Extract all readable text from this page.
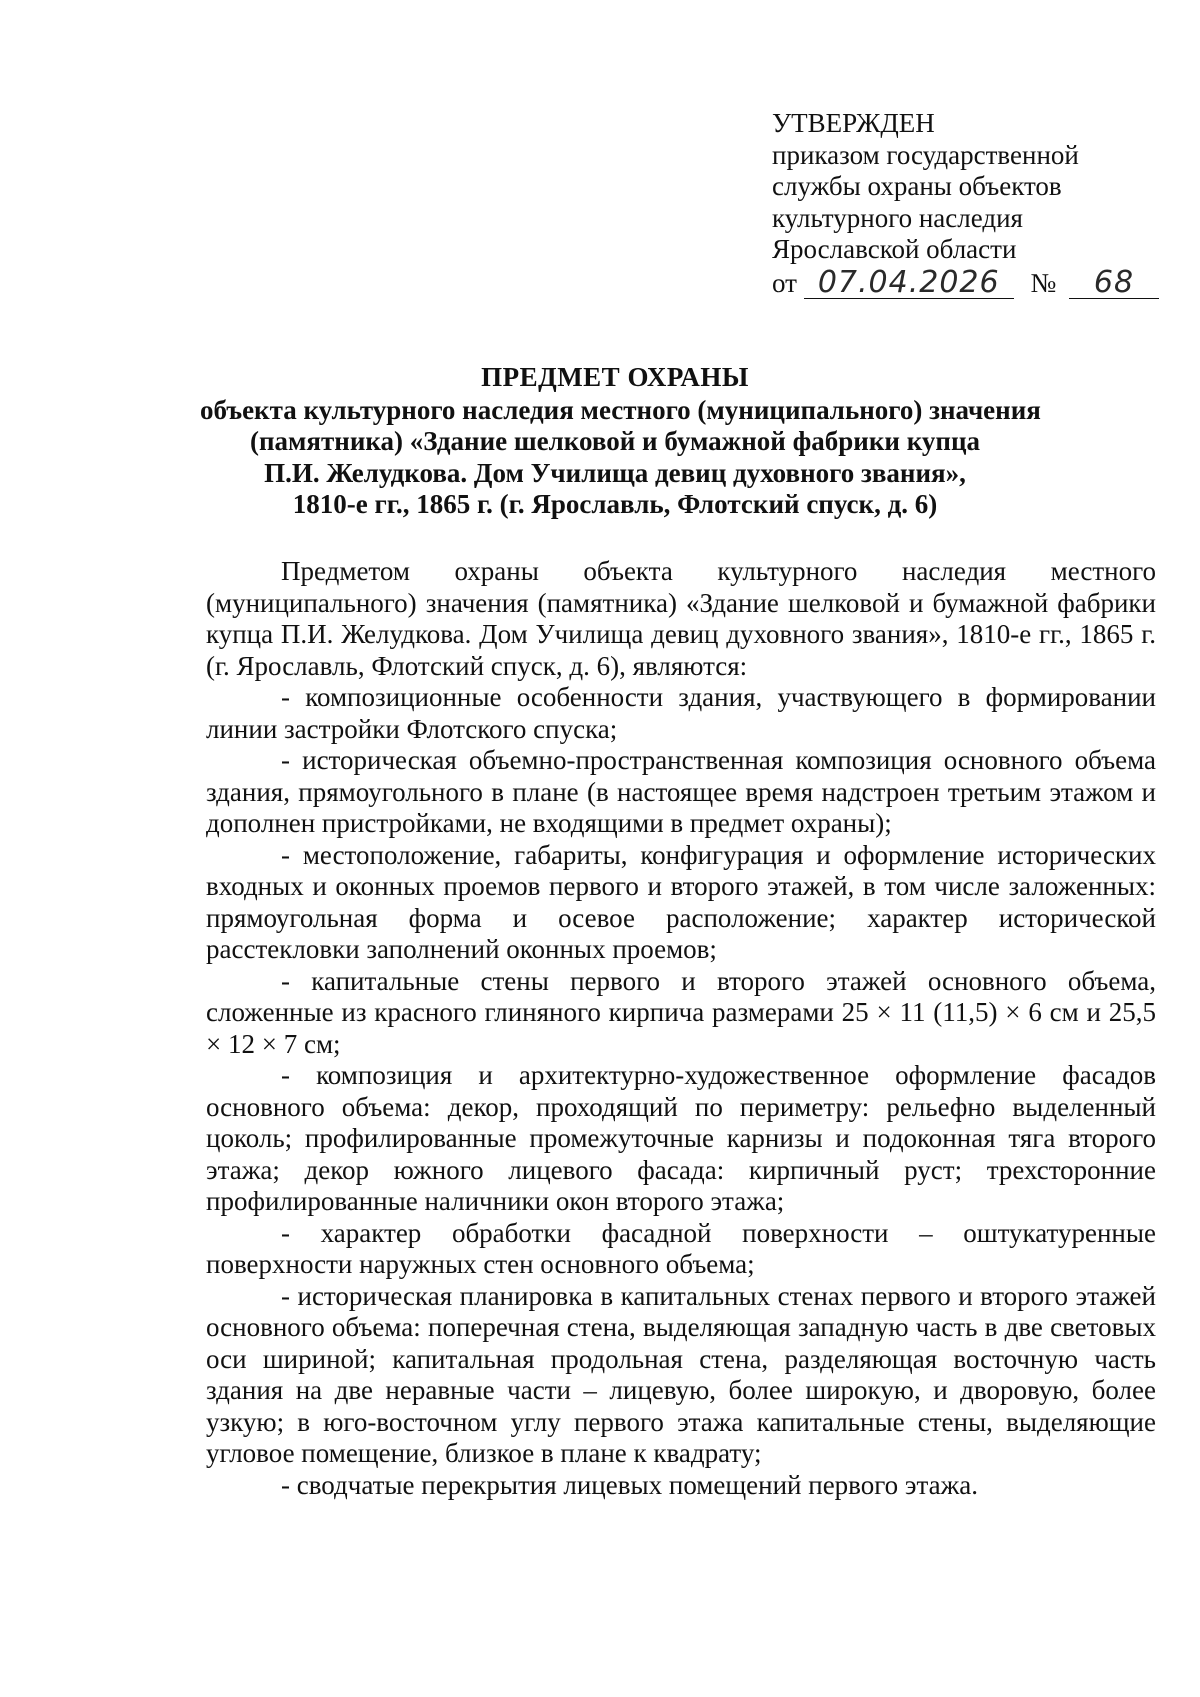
УТВЕРЖДЕН
приказом государственной
службы охраны объектов
культурного наследия
Ярославской области
от 07.04.2026 № 68
ПРЕДМЕТ ОХРАНЫ
объекта культурного наследия местного (муниципального) значения
(памятника) «Здание шелковой и бумажной фабрики купца
П.И. Желудкова. Дом Училища девиц духовного звания»,
1810-е гг., 1865 г. (г. Ярославль, Флотский спуск, д. 6)

Предметом охраны объекта культурного наследия местного (муниципального) значения (памятника) «Здание шелковой и бумажной фабрики купца П.И. Желудкова. Дом Училища девиц духовного звания», 1810-е гг., 1865 г. (г. Ярославль, Флотский спуск, д. 6), являются:

- композиционные особенности здания, участвующего в формировании линии застройки Флотского спуска;

- историческая объемно-пространственная композиция основного объема здания, прямоугольного в плане (в настоящее время надстроен третьим этажом и дополнен пристройками, не входящими в предмет охраны);

- местоположение, габариты, конфигурация и оформление исторических входных и оконных проемов первого и второго этажей, в том числе заложенных: прямоугольная форма и осевое расположение; характер исторической расстекловки заполнений оконных проемов;

- капитальные стены первого и второго этажей основного объема, сложенные из красного глиняного кирпича размерами 25 × 11 (11,5) × 6 см и 25,5 × 12 × 7 см;

- композиция и архитектурно-художественное оформление фасадов основного объема: декор, проходящий по периметру: рельефно выделенный цоколь; профилированные промежуточные карнизы и подоконная тяга второго этажа; декор южного лицевого фасада: кирпичный руст; трехсторонние профилированные наличники окон второго этажа;

- характер обработки фасадной поверхности – оштукатуренные поверхности наружных стен основного объема;

- историческая планировка в капитальных стенах первого и второго этажей основного объема: поперечная стена, выделяющая западную часть в две световых оси шириной; капитальная продольная стена, разделяющая восточную часть здания на две неравные части – лицевую, более широкую, и дворовую, более узкую; в юго-восточном углу первого этажа капитальные стены, выделяющие угловое помещение, близкое в плане к квадрату;

- сводчатые перекрытия лицевых помещений первого этажа.
